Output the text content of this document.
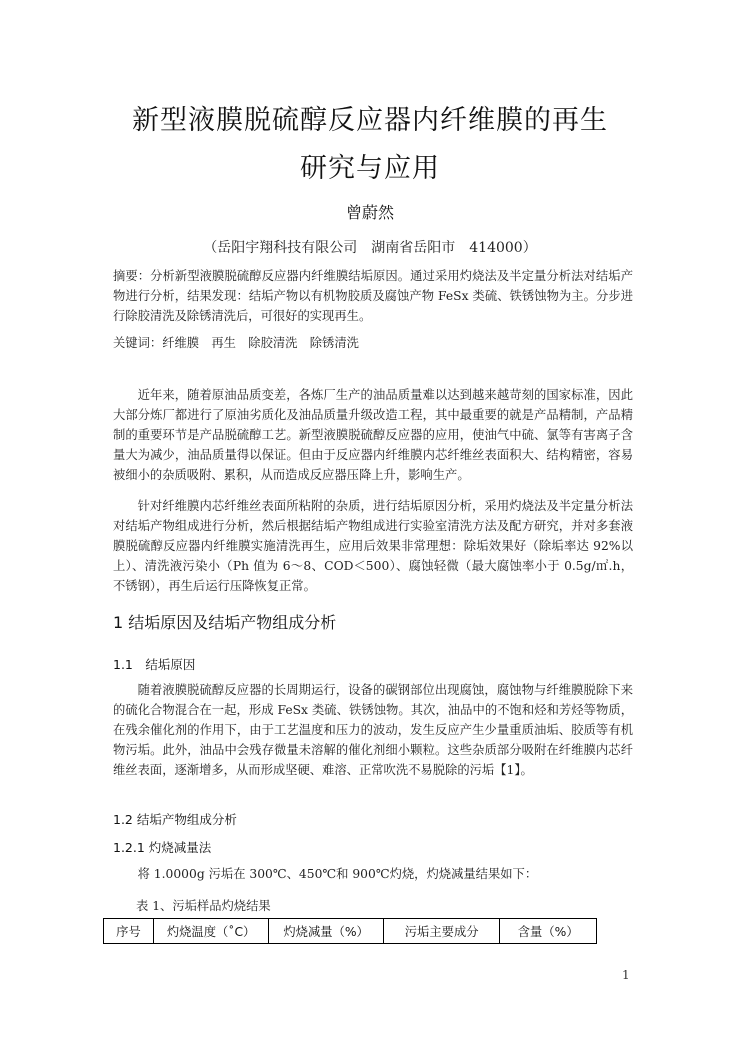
新型液膜脱硫醇反应器内纤维膜的再生
研究与应用
曾蔚然
（岳阳宇翔科技有限公司　湖南省岳阳市　414000）

摘要：分析新型液膜脱硫醇反应器内纤维膜结垢原因。通过采用灼烧法及半定量分析法对结垢产物进行分析，结果发现：结垢产物以有机物胶质及腐蚀产物 FeSx 类硫、铁锈蚀物为主。分步进行除胶清洗及除锈清洗后，可很好的实现再生。

关键词：纤维膜　再生　除胶清洗　除锈清洗

近年来，随着原油品质变差，各炼厂生产的油品质量难以达到越来越苛刻的国家标准，因此大部分炼厂都进行了原油劣质化及油品质量升级改造工程，其中最重要的就是产品精制，产品精制的重要环节是产品脱硫醇工艺。新型液膜脱硫醇反应器的应用，使油气中硫、氯等有害离子含量大为减少，油品质量得以保证。但由于反应器内纤维膜内芯纤维丝表面积大、结构精密，容易被细小的杂质吸附、累积，从而造成反应器压降上升，影响生产。

针对纤维膜内芯纤维丝表面所粘附的杂质，进行结垢原因分析，采用灼烧法及半定量分析法对结垢产物组成进行分析，然后根据结垢产物组成进行实验室清洗方法及配方研究，并对多套液膜脱硫醇反应器内纤维膜实施清洗再生，应用后效果非常理想：除垢效果好（除垢率达 92%以上）、清洗液污染小（Ph 值为 6～8、COD＜500）、腐蚀轻微（最大腐蚀率小于 0.5g/㎡.h，不锈钢），再生后运行压降恢复正常。

1 结垢原因及结垢产物组成分析
1.1　结垢原因

随着液膜脱硫醇反应器的长周期运行，设备的碳钢部位出现腐蚀，腐蚀物与纤维膜脱除下来的硫化合物混合在一起，形成 FeSx 类硫、铁锈蚀物。其次，油品中的不饱和烃和芳烃等物质，在残余催化剂的作用下，由于工艺温度和压力的波动，发生反应产生少量重质油垢、胶质等有机物污垢。此外，油品中会残存微量未溶解的催化剂细小颗粒。这些杂质部分吸附在纤维膜内芯纤维丝表面，逐渐增多，从而形成坚硬、难溶、正常吹洗不易脱除的污垢【1】。

1.2 结垢产物组成分析
1.2.1 灼烧减量法

将 1.0000g 污垢在 300℃、450℃和 900℃灼烧，灼烧减量结果如下：

表 1、污垢样品灼烧结果
序号	灼烧温度（˚C）	灼烧减量（%）	污垢主要成分	含量（%）
1
